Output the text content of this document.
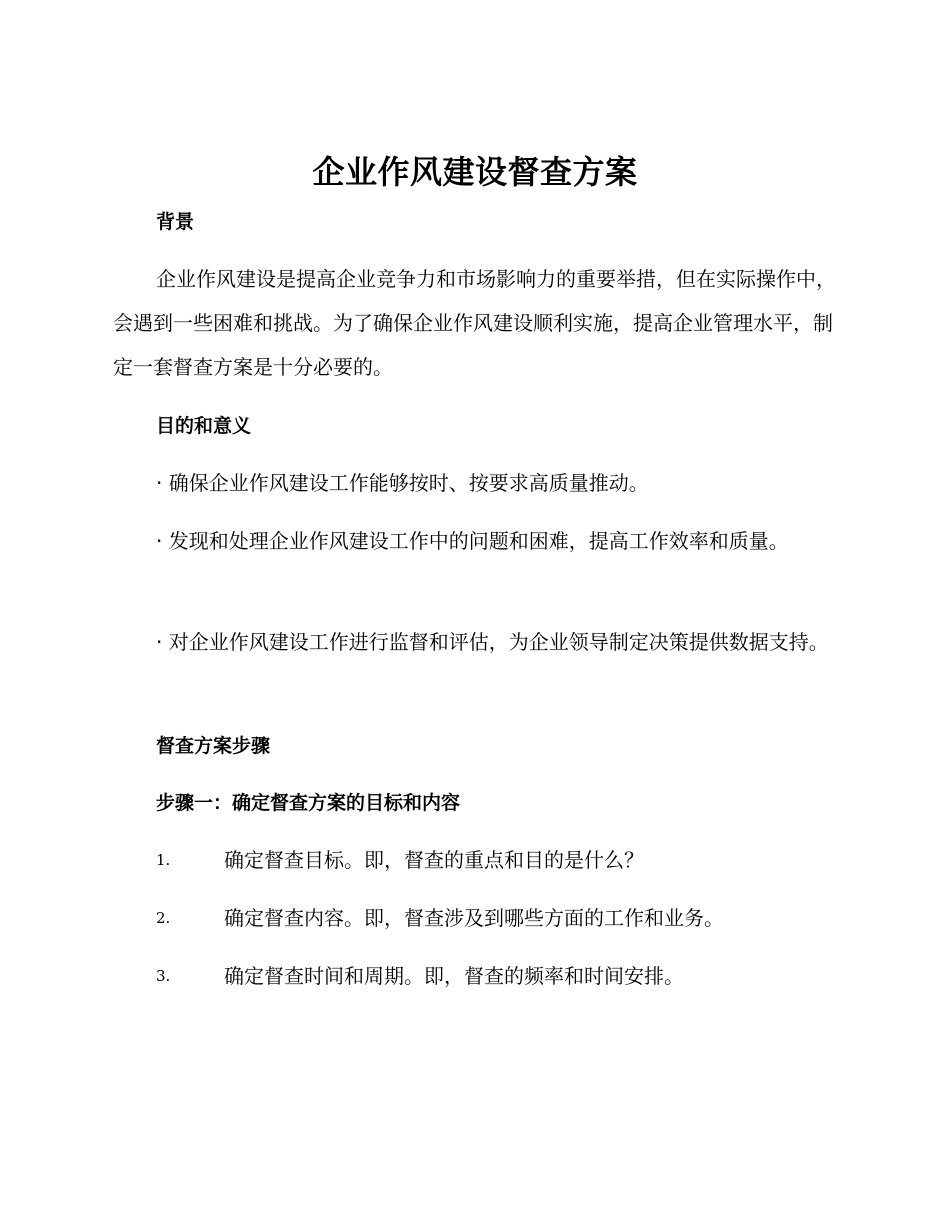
企业作风建设督查方案
背景

企业作风建设是提高企业竞争力和市场影响力的重要举措，但在实际操作中，会遇到一些困难和挑战。为了确保企业作风建设顺利实施，提高企业管理水平，制定一套督查方案是十分必要的。

目的和意义

· 确保企业作风建设工作能够按时、按要求高质量推动。

· 发现和处理企业作风建设工作中的问题和困难，提高工作效率和质量。

· 对企业作风建设工作进行监督和评估，为企业领导制定决策提供数据支持。

督查方案步骤
步骤一：确定督查方案的目标和内容
1.	确定督查目标。即，督查的重点和目的是什么？
2.	确定督查内容。即，督查涉及到哪些方面的工作和业务。
3.	确定督查时间和周期。即，督查的频率和时间安排。
